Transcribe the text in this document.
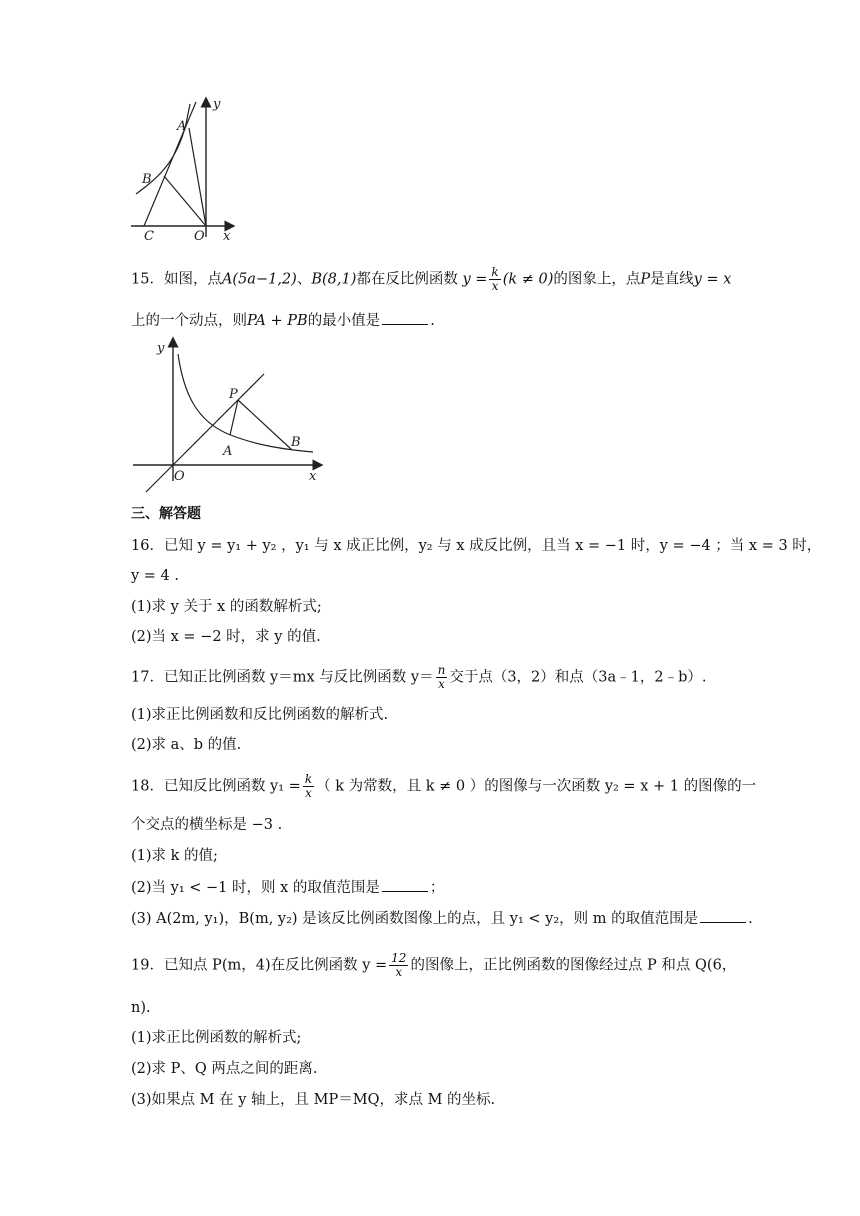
y
A
B
C	O x
15．如图，点A(5a−1,2)、B(8,1)都在反比例函数 $y = \frac{k}{x} (k \ne 0)$的图象上，点P是直线y = x
上的一个动点，则PA + PB的最小值是	.
y
P
A
B
O	x
三、解答题
16．已知 y = y₁ + y₂ ，y₁ 与 x 成正比例，y₂ 与 x 成反比例，且当 x = −1 时，y = −4 ；当 x = 3 时，
y = 4 .
(1)求 y 关于 x 的函数解析式;
(2)当 x = −2 时，求 y 的值.
17．已知正比例函数 y＝mx 与反比例函数 $y= \frac{n}{x}$ 交于点（3，2）和点（3a﹣1，2﹣b）.
(1)求正比例函数和反比例函数的解析式.
(2)求 a、b 的值.
18．已知反比例函数 $y_1 = \frac{k}{x}$ （ k 为常数，且 k ≠ 0 ）的图像与一次函数 y₂ = x + 1 的图像的一
个交点的横坐标是 −3 .
(1)求 k 的值;
(2)当 y₁ < −1 时，则 x 的取值范围是	；
(3) A(2m, y₁)，B(m, y₂) 是该反比例函数图像上的点，且 y₁ < y₂，则 m 的取值范围是	.
19．已知点 P(m，4)在反比例函数 $y = \frac{12}{x}$ 的图像上，正比例函数的图像经过点 P 和点 Q(6，
n).
(1)求正比例函数的解析式;
(2)求 P、Q 两点之间的距离.
(3)如果点 M 在 y 轴上，且 MP＝MQ，求点 M 的坐标.
